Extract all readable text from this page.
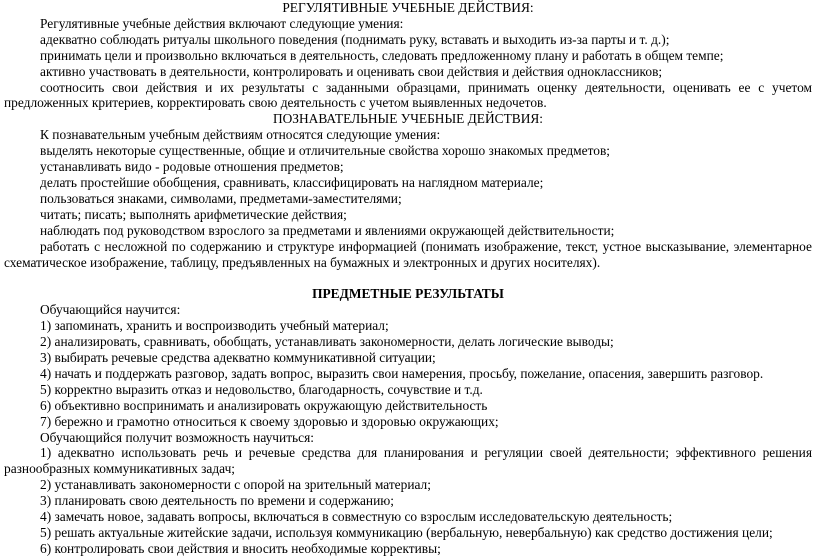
РЕГУЛЯТИВНЫЕ УЧЕБНЫЕ ДЕЙСТВИЯ:

Регулятивные учебные действия включают следующие умения:

адекватно соблюдать ритуалы школьного поведения (поднимать руку, вставать и выходить из-за парты и т. д.);

принимать цели и произвольно включаться в деятельность, следовать предложенному плану и работать в общем темпе;

активно участвовать в деятельности, контролировать и оценивать свои действия и действия одноклассников;

соотносить свои действия и их результаты с заданными образцами, принимать оценку деятельности, оценивать ее с учетом предложенных критериев, корректировать свою деятельность с учетом выявленных недочетов.

ПОЗНАВАТЕЛЬНЫЕ УЧЕБНЫЕ ДЕЙСТВИЯ:

К познавательным учебным действиям относятся следующие умения:

выделять некоторые существенные, общие и отличительные свойства хорошо знакомых предметов;

устанавливать видо - родовые отношения предметов;

делать простейшие обобщения, сравнивать, классифицировать на наглядном материале;

пользоваться знаками, символами, предметами-заместителями;

читать; писать; выполнять арифметические действия;

наблюдать под руководством взрослого за предметами и явлениями окружающей действительности;

работать с несложной по содержанию и структуре информацией (понимать изображение, текст, устное высказывание, элементарное схематическое изображение, таблицу, предъявленных на бумажных и электронных и других носителях).

ПРЕДМЕТНЫЕ РЕЗУЛЬТАТЫ

Обучающийся научится:

1) запоминать, хранить и воспроизводить учебный материал;

2) анализировать, сравнивать, обобщать, устанавливать закономерности, делать логические выводы;

3) выбирать речевые средства адекватно коммуникативной ситуации;

4) начать и поддержать разговор, задать вопрос, выразить свои намерения, просьбу, пожелание, опасения, завершить разговор.

5) корректно выразить отказ и недовольство, благодарность, сочувствие и т.д.

6) объективно воспринимать и анализировать окружающую действительность

7) бережно и грамотно относиться к своему здоровью и здоровью окружающих;

Обучающийся получит возможность научиться:

1) адекватно использовать речь и речевые средства для планирования и регуляции своей деятельности; эффективного решения разнообразных коммуникативных задач;

2) устанавливать закономерности с опорой на зрительный материал;

3) планировать свою деятельность по времени и содержанию;

4) замечать новое, задавать вопросы, включаться в совместную со взрослым исследовательскую деятельность;

5) решать актуальные житейские задачи, используя коммуникацию (вербальную, невербальную) как средство достижения цели;

6) контролировать свои действия и вносить необходимые коррективы;
